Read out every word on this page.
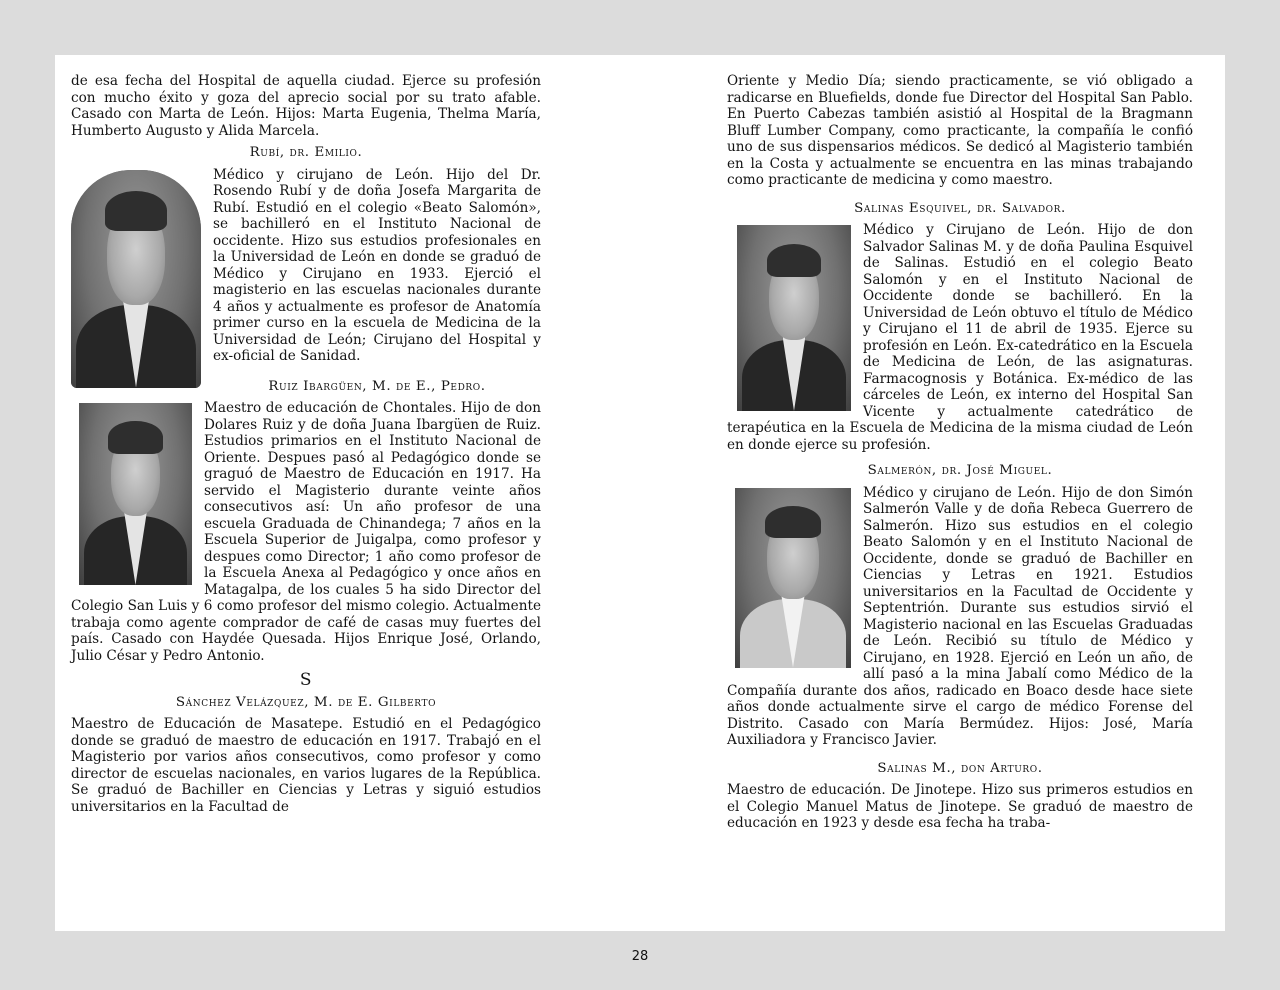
de esa fecha del Hospital de aquella ciudad. Ejerce su profesión con mucho éxito y goza del aprecio social por su trato afable. Casado con Marta de León. Hijos: Marta Eugenia, Thelma María, Humberto Augusto y Alida Marcela.

Rubí, dr. Emilio.

Médico y cirujano de León. Hijo del Dr. Rosendo Rubí y de doña Josefa Margarita de Rubí. Estudió en el colegio «Beato Salomón», se bachilleró en el Instituto Nacional de occidente. Hizo sus estudios profesionales en la Universidad de León en donde se graduó de Médico y Cirujano en 1933. Ejerció el magisterio en las escuelas nacionales durante 4 años y actualmente es profesor de Anatomía primer curso en la escuela de Medicina de la Universidad de León; Cirujano del Hospital y ex-oficial de Sanidad.

Ruiz Ibargüen, M. de E., Pedro.

Maestro de educación de Chontales. Hijo de don Dolares Ruiz y de doña Juana Ibargüen de Ruiz. Estudios primarios en el Instituto Nacional de Oriente. Despues pasó al Pedagógico donde se graguó de Maestro de Educación en 1917. Ha servido el Magisterio durante veinte años consecutivos así: Un año profesor de una escuela Graduada de Chinandega; 7 años en la Escuela Superior de Juigalpa, como profesor y despues como Director; 1 año como profesor de la Escuela Anexa al Pedagógico y once años en Matagalpa, de los cuales 5 ha sido Director del Colegio San Luis y 6 como profesor del mismo colegio. Actualmente trabaja como agente comprador de café de casas muy fuertes del país. Casado con Haydée Quesada. Hijos Enrique José, Orlando, Julio César y Pedro Antonio.

S
Sánchez Velázquez, M. de E. Gilberto

Maestro de Educación de Masatepe. Estudió en el Pedagógico donde se graduó de maestro de educación en 1917. Trabajó en el Magisterio por varios años consecutivos, como profesor y como director de escuelas nacionales, en varios lugares de la República. Se graduó de Bachiller en Ciencias y Letras y siguió estudios universitarios en la Facultad de

Oriente y Medio Día; siendo practicamente, se vió obligado a radicarse en Bluefields, donde fue Director del Hospital San Pablo. En Puerto Cabezas también asistió al Hospital de la Bragmann Bluff Lumber Company, como practicante, la compañía le confió uno de sus dispensarios médicos. Se dedicó al Magisterio también en la Costa y actualmente se encuentra en las minas trabajando como practicante de medicina y como maestro.

Salinas Esquivel, dr. Salvador.

Médico y Cirujano de León. Hijo de don Salvador Salinas M. y de doña Paulina Esquivel de Salinas. Estudió en el colegio Beato Salomón y en el Instituto Nacional de Occidente donde se bachilleró. En la Universidad de León obtuvo el título de Médico y Cirujano el 11 de abril de 1935. Ejerce su profesión en León. Ex-catedrático en la Escuela de Medicina de León, de las asignaturas. Farmacognosis y Botánica. Ex-médico de las cárceles de León, ex interno del Hospital San Vicente y actualmente catedrático de terapéutica en la Escuela de Medicina de la misma ciudad de León en donde ejerce su profesión.

Salmerón, dr. José Miguel.

Médico y cirujano de León. Hijo de don Simón Salmerón Valle y de doña Rebeca Guerrero de Salmerón. Hizo sus estudios en el colegio Beato Salomón y en el Instituto Nacional de Occidente, donde se graduó de Bachiller en Ciencias y Letras en 1921. Estudios universitarios en la Facultad de Occidente y Septentrión. Durante sus estudios sirvió el Magisterio nacional en las Escuelas Graduadas de León. Recibió su título de Médico y Cirujano, en 1928. Ejerció en León un año, de allí pasó a la mina Jabalí como Médico de la Compañía durante dos años, radicado en Boaco desde hace siete años donde actualmente sirve el cargo de médico Forense del Distrito. Casado con María Bermúdez. Hijos: José, María Auxiliadora y Francisco Javier.

Salinas M., don Arturo.

Maestro de educación. De Jinotepe. Hizo sus primeros estudios en el Colegio Manuel Matus de Jinotepe. Se graduó de maestro de educación en 1923 y desde esa fecha ha traba-

28
